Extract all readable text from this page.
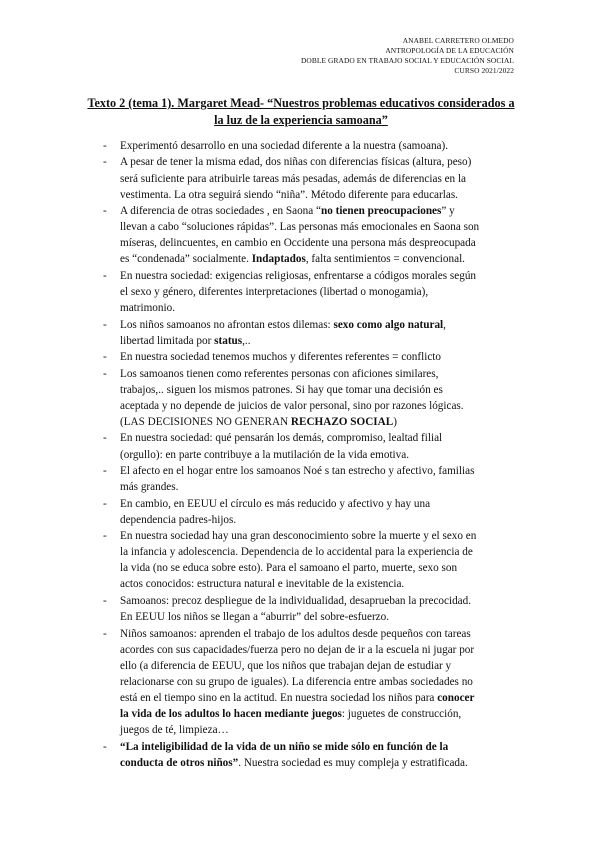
ANABEL CARRETERO OLMEDO
ANTROPOLOGÍA DE LA EDUCACIÓN
DOBLE GRADO EN TRABAJO SOCIAL Y EDUCACIÓN SOCIAL
CURSO 2021/2022
Texto 2 (tema 1). Margaret Mead- “Nuestros problemas educativos considerados a
la luz de la experiencia samoana”
-	Experimentó desarrollo en una sociedad diferente a la nuestra (samoana).
-	A pesar de tener la misma edad, dos niñas con diferencias físicas (altura, peso)
será suficiente para atribuirle tareas más pesadas, además de diferencias en la
vestimenta. La otra seguirá siendo “niña”. Método diferente para educarlas.
-	A diferencia de otras sociedades , en Saona “no tienen preocupaciones” y
llevan a cabo “soluciones rápidas”. Las personas más emocionales en Saona son
míseras, delincuentes, en cambio en Occidente una persona más despreocupada
es “condenada” socialmente. Indaptados, falta sentimientos = convencional.
-	En nuestra sociedad: exigencias religiosas, enfrentarse a códigos morales según
el sexo y género, diferentes interpretaciones (libertad o monogamia),
matrimonio.
-	Los niños samoanos no afrontan estos dilemas: sexo como algo natural,
libertad limitada por status,..
-	En nuestra sociedad tenemos muchos y diferentes referentes = conflicto
-	Los samoanos tienen como referentes personas con aficiones similares,
trabajos,.. siguen los mismos patrones. Si hay que tomar una decisión es
aceptada y no depende de juicios de valor personal, sino por razones lógicas.
(LAS DECISIONES NO GENERAN RECHAZO SOCIAL)
-	En nuestra sociedad: qué pensarán los demás, compromiso, lealtad filial
(orgullo): en parte contribuye a la mutilación de la vida emotiva.
-	El afecto en el hogar entre los samoanos Noé s tan estrecho y afectivo, familias
más grandes.
-	En cambio, en EEUU el círculo es más reducido y afectivo y hay una
dependencia padres-hijos.
-	En nuestra sociedad hay una gran desconocimiento sobre la muerte y el sexo en
la infancia y adolescencia. Dependencia de lo accidental para la experiencia de
la vida (no se educa sobre esto). Para el samoano el parto, muerte, sexo son
actos conocidos: estructura natural e inevitable de la existencia.
-	Samoanos: precoz despliegue de la individualidad, desaprueban la precocidad.
En EEUU los niños se llegan a “aburrir” del sobre-esfuerzo.
-	Niños samoanos: aprenden el trabajo de los adultos desde pequeños con tareas
acordes con sus capacidades/fuerza pero no dejan de ir a la escuela ni jugar por
ello (a diferencia de EEUU, que los niños que trabajan dejan de estudiar y
relacionarse con su grupo de iguales). La diferencia entre ambas sociedades no
está en el tiempo sino en la actitud. En nuestra sociedad los niños para conocer
la vida de los adultos lo hacen mediante juegos: juguetes de construcción,
juegos de té, limpieza…
-	“La inteligibilidad de la vida de un niño se mide sólo en función de la
conducta de otros niños”. Nuestra sociedad es muy compleja y estratificada.
